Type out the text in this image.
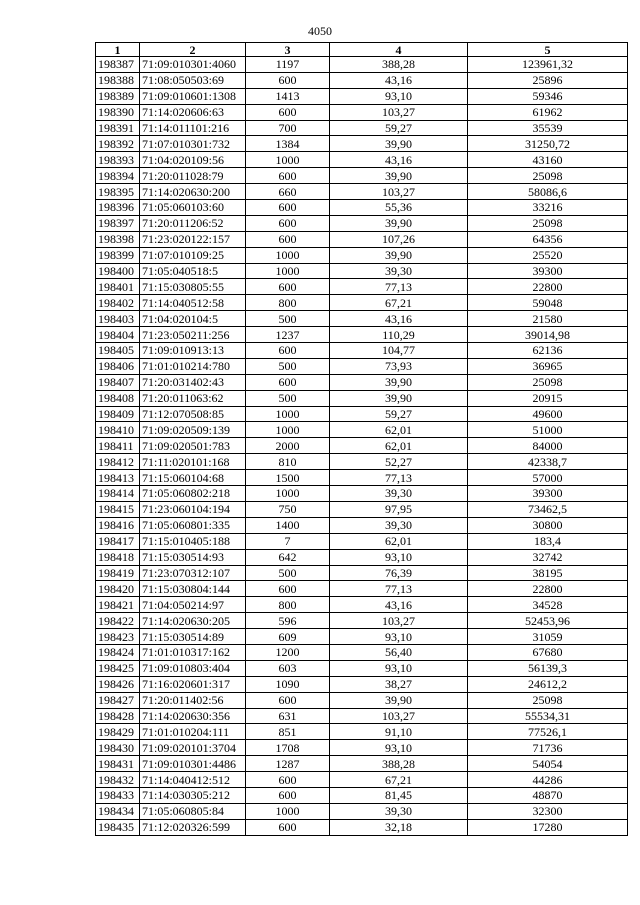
4050
1	2	3	4	5
198387	71:09:010301:4060	1197	388,28	123961,32
198388	71:08:050503:69	600	43,16	25896
198389	71:09:010601:1308	1413	93,10	59346
198390	71:14:020606:63	600	103,27	61962
198391	71:14:011101:216	700	59,27	35539
198392	71:07:010301:732	1384	39,90	31250,72
198393	71:04:020109:56	1000	43,16	43160
198394	71:20:011028:79	600	39,90	25098
198395	71:14:020630:200	660	103,27	58086,6
198396	71:05:060103:60	600	55,36	33216
198397	71:20:011206:52	600	39,90	25098
198398	71:23:020122:157	600	107,26	64356
198399	71:07:010109:25	1000	39,90	25520
198400	71:05:040518:5	1000	39,30	39300
198401	71:15:030805:55	600	77,13	22800
198402	71:14:040512:58	800	67,21	59048
198403	71:04:020104:5	500	43,16	21580
198404	71:23:050211:256	1237	110,29	39014,98
198405	71:09:010913:13	600	104,77	62136
198406	71:01:010214:780	500	73,93	36965
198407	71:20:031402:43	600	39,90	25098
198408	71:20:011063:62	500	39,90	20915
198409	71:12:070508:85	1000	59,27	49600
198410	71:09:020509:139	1000	62,01	51000
198411	71:09:020501:783	2000	62,01	84000
198412	71:11:020101:168	810	52,27	42338,7
198413	71:15:060104:68	1500	77,13	57000
198414	71:05:060802:218	1000	39,30	39300
198415	71:23:060104:194	750	97,95	73462,5
198416	71:05:060801:335	1400	39,30	30800
198417	71:15:010405:188	7	62,01	183,4
198418	71:15:030514:93	642	93,10	32742
198419	71:23:070312:107	500	76,39	38195
198420	71:15:030804:144	600	77,13	22800
198421	71:04:050214:97	800	43,16	34528
198422	71:14:020630:205	596	103,27	52453,96
198423	71:15:030514:89	609	93,10	31059
198424	71:01:010317:162	1200	56,40	67680
198425	71:09:010803:404	603	93,10	56139,3
198426	71:16:020601:317	1090	38,27	24612,2
198427	71:20:011402:56	600	39,90	25098
198428	71:14:020630:356	631	103,27	55534,31
198429	71:01:010204:111	851	91,10	77526,1
198430	71:09:020101:3704	1708	93,10	71736
198431	71:09:010301:4486	1287	388,28	54054
198432	71:14:040412:512	600	67,21	44286
198433	71:14:030305:212	600	81,45	48870
198434	71:05:060805:84	1000	39,30	32300
198435	71:12:020326:599	600	32,18	17280
